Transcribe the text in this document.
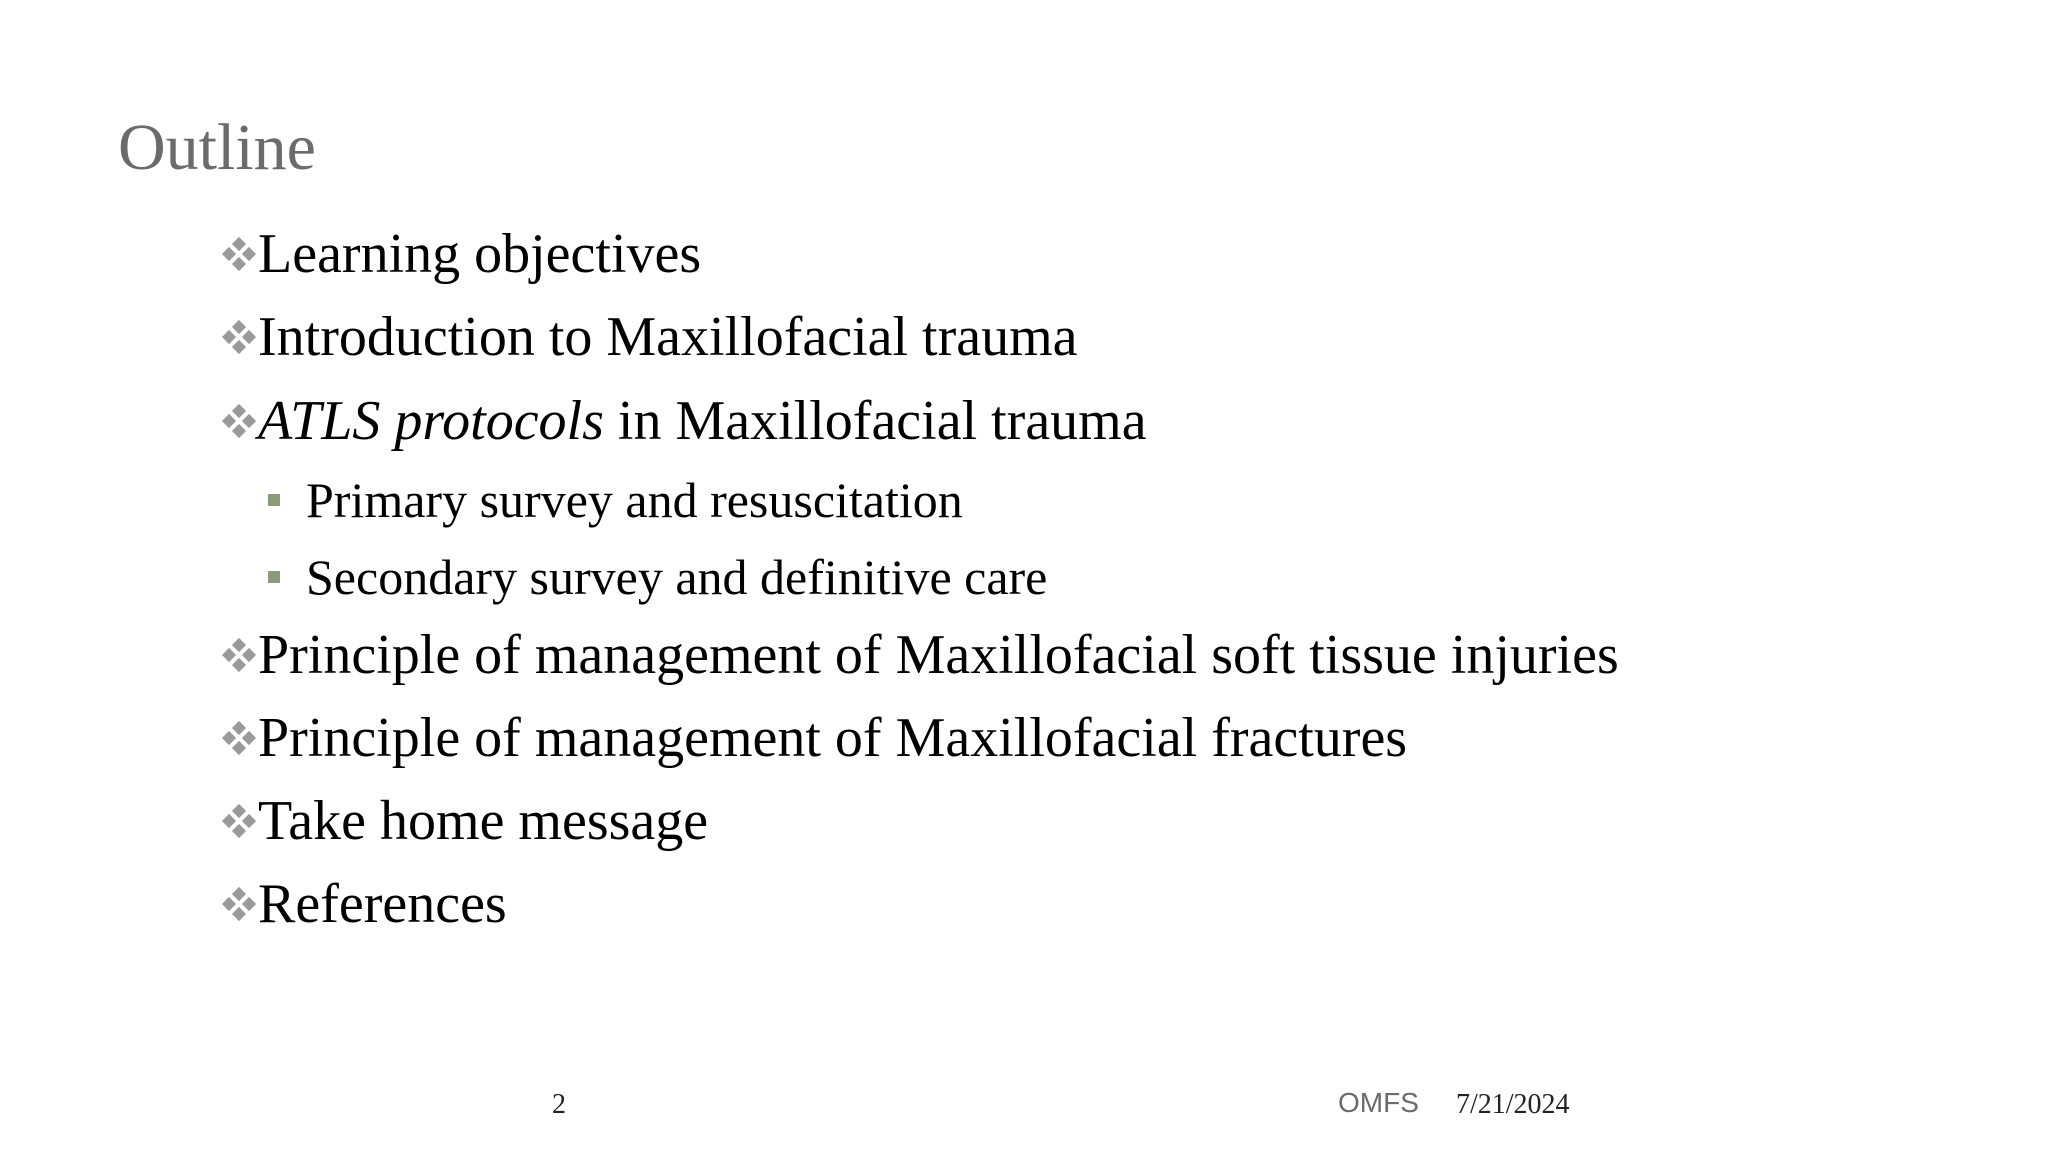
Outline
Learning objectives
Introduction to Maxillofacial trauma
ATLS protocols in Maxillofacial trauma
Primary survey and resuscitation
Secondary survey and definitive care
Principle of management of Maxillofacial soft tissue injuries
Principle of management of Maxillofacial fractures
Take home message
References
2	OMFS 7/21/2024
